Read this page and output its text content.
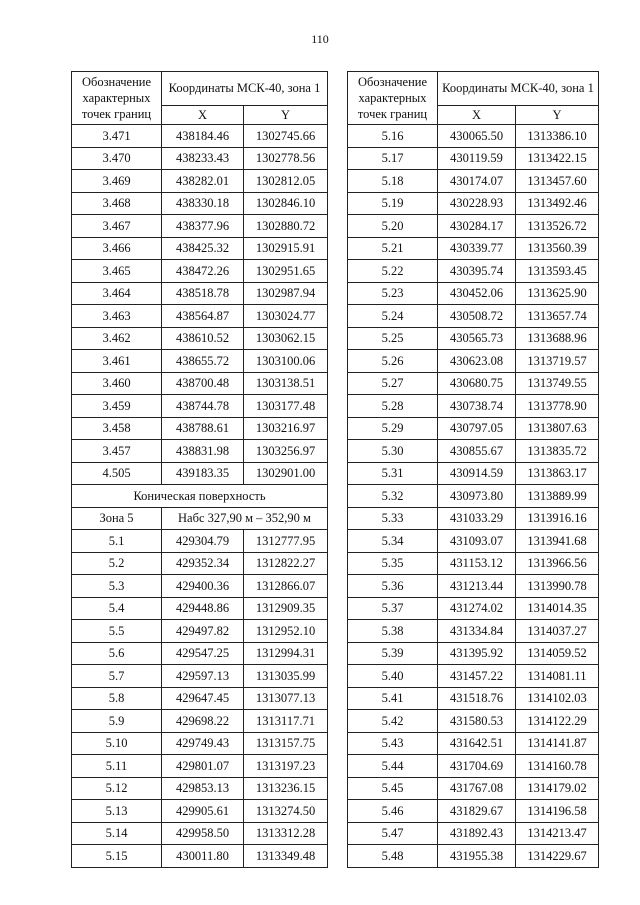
110
Обозначение характерных точек границ	Координаты МСК-40, зона 1	
	X	Y
3.471	438184.46	1302745.66
3.470	438233.43	1302778.56
3.469	438282.01	1302812.05
3.468	438330.18	1302846.10
3.467	438377.96	1302880.72
3.466	438425.32	1302915.91
3.465	438472.26	1302951.65
3.464	438518.78	1302987.94
3.463	438564.87	1303024.77
3.462	438610.52	1303062.15
3.461	438655.72	1303100.06
3.460	438700.48	1303138.51
3.459	438744.78	1303177.48
3.458	438788.61	1303216.97
3.457	438831.98	1303256.97
4.505	439183.35	1302901.00
Коническая поверхность		
Зона 5	Набс 327,90 м – 352,90 м	
5.1	429304.79	1312777.95
5.2	429352.34	1312822.27
5.3	429400.36	1312866.07
5.4	429448.86	1312909.35
5.5	429497.82	1312952.10
5.6	429547.25	1312994.31
5.7	429597.13	1313035.99
5.8	429647.45	1313077.13
5.9	429698.22	1313117.71
5.10	429749.43	1313157.75
5.11	429801.07	1313197.23
5.12	429853.13	1313236.15
5.13	429905.61	1313274.50
5.14	429958.50	1313312.28
5.15	430011.80	1313349.48
Обозначение характерных точек границ	Координаты МСК-40, зона 1	
	X	Y
5.16	430065.50	1313386.10
5.17	430119.59	1313422.15
5.18	430174.07	1313457.60
5.19	430228.93	1313492.46
5.20	430284.17	1313526.72
5.21	430339.77	1313560.39
5.22	430395.74	1313593.45
5.23	430452.06	1313625.90
5.24	430508.72	1313657.74
5.25	430565.73	1313688.96
5.26	430623.08	1313719.57
5.27	430680.75	1313749.55
5.28	430738.74	1313778.90
5.29	430797.05	1313807.63
5.30	430855.67	1313835.72
5.31	430914.59	1313863.17
5.32	430973.80	1313889.99
5.33	431033.29	1313916.16
5.34	431093.07	1313941.68
5.35	431153.12	1313966.56
5.36	431213.44	1313990.78
5.37	431274.02	1314014.35
5.38	431334.84	1314037.27
5.39	431395.92	1314059.52
5.40	431457.22	1314081.11
5.41	431518.76	1314102.03
5.42	431580.53	1314122.29
5.43	431642.51	1314141.87
5.44	431704.69	1314160.78
5.45	431767.08	1314179.02
5.46	431829.67	1314196.58
5.47	431892.43	1314213.47
5.48	431955.38	1314229.67
